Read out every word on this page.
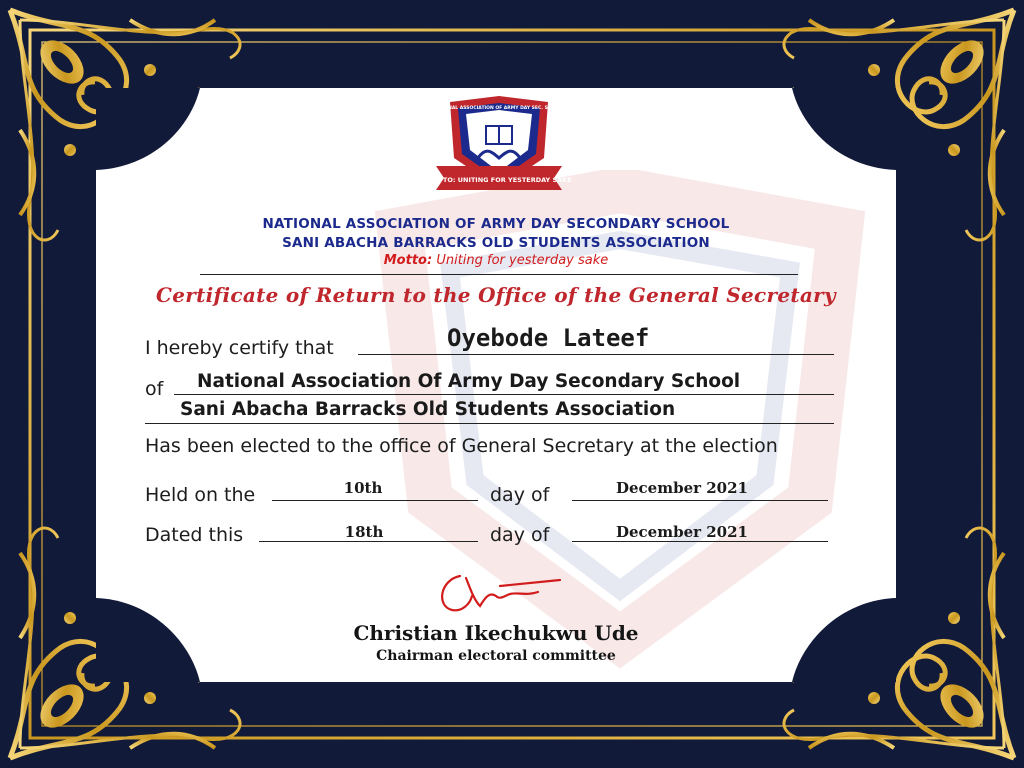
MOTTO: UNITING FOR YESTERDAY SAKE
NATIONAL ASSOCIATION OF ARMY DAY SEC. SCHOOL
NATIONAL ASSOCIATION OF ARMY DAY SECONDARY SCHOOL
SANI ABACHA BARRACKS OLD STUDENTS ASSOCIATION
Motto: Uniting for yesterday sake
Certificate of Return to the Office of the General Secretary
I hereby certify that	Oyebode Lateef
of National Association Of Army Day Secondary School
Sani Abacha Barracks Old Students Association
Has been elected to the office of General Secretary at the election
Held on the	10th	day of	December 2021
Dated this	18th	day of	December 2021
Christian Ikechukwu Ude
Chairman electoral committee
